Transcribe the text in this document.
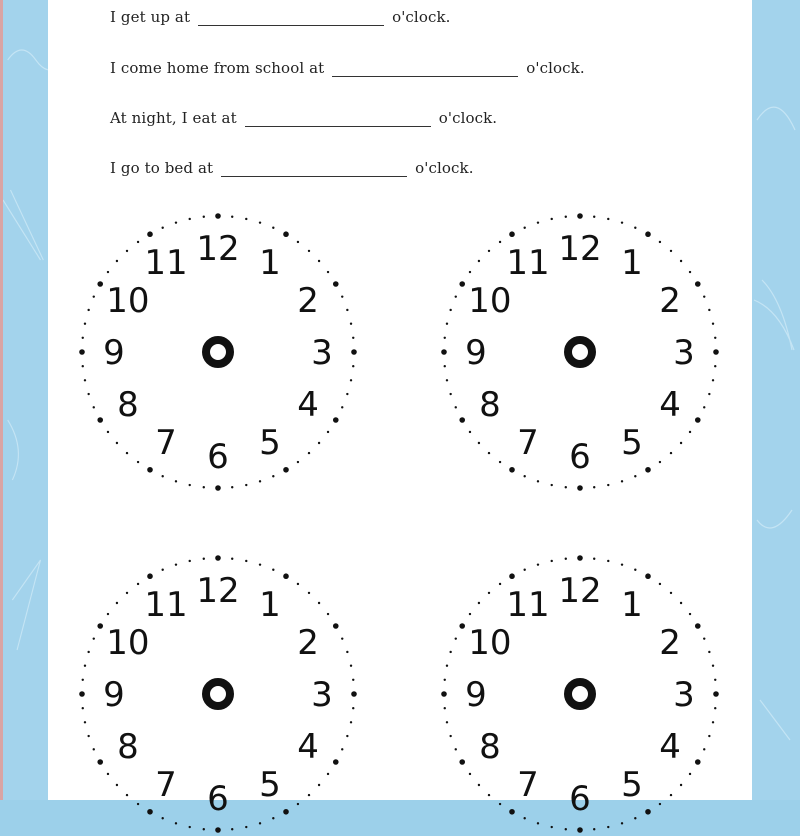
I get up at	o'clock.
I come home from school at	o'clock.
At night, I eat at	o'clock.
I go to bed at	o'clock.
12 1
2
3
4
5
6
7
8
9
10
11	12 1
2
3
4
5
6
7
8
9
10
11
12 1
2
3
4
5
6
7
8
9
10
11	12 1
2
3
4
5
6
7
8
9
10
11
